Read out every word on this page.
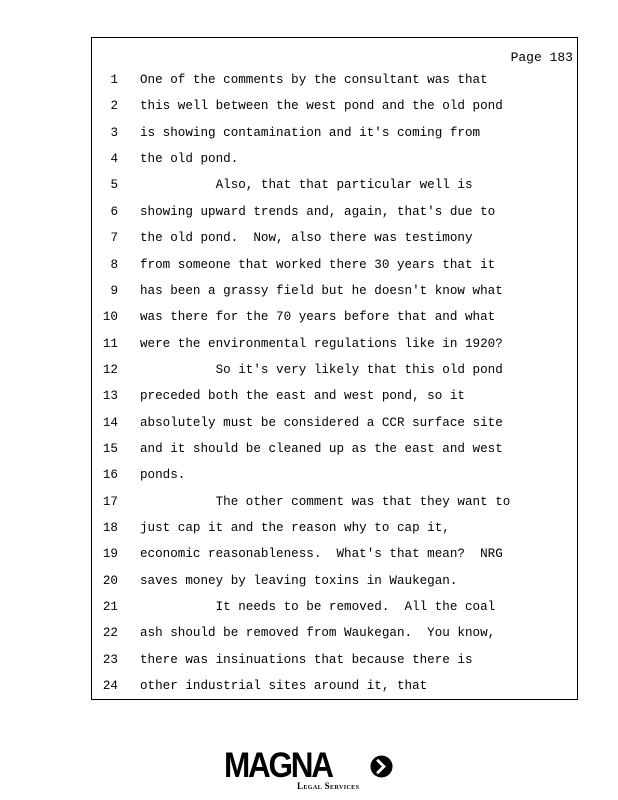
Page 183
1 One of the comments by the consultant was that
2 this well between the west pond and the old pond
3 is showing contamination and it's coming from
4 the old pond.
5 Also, that that particular well is
6 showing upward trends and, again, that's due to
7 the old pond.  Now, also there was testimony
8 from someone that worked there 30 years that it
9 has been a grassy field but he doesn't know what
10 was there for the 70 years before that and what
11 were the environmental regulations like in 1920?
12 So it's very likely that this old pond
13 preceded both the east and west pond, so it
14 absolutely must be considered a CCR surface site
15 and it should be cleaned up as the east and west
16 ponds.
17 The other comment was that they want to
18 just cap it and the reason why to cap it,
19 economic reasonableness.  What's that mean?  NRG
20 saves money by leaving toxins in Waukegan.
21 It needs to be removed.  All the coal
22 ash should be removed from Waukegan.  You know,
23 there was insinuations that because there is
24 other industrial sites around it, that
MAGNA
Legal Services
